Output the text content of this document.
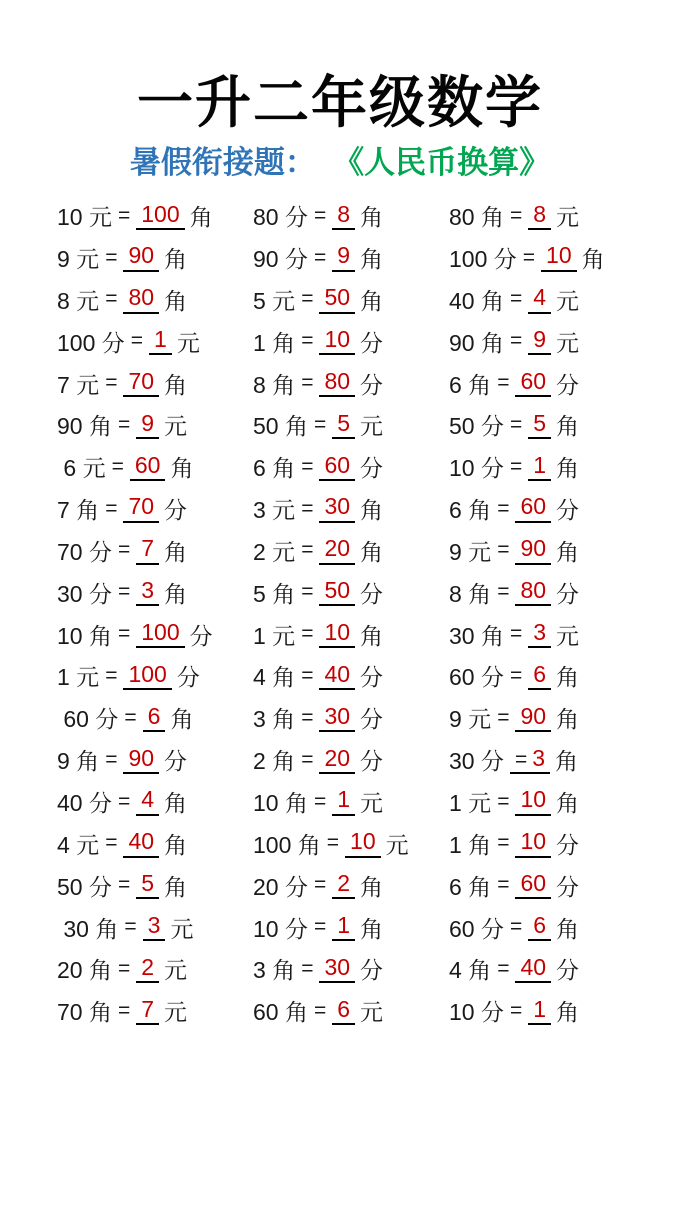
一升二年级数学
暑假衔接题： 《人民币换算》
10 元 = 100 角
9 元 = 90 角
8 元 = 80 角
100 分 = 1 元
7 元 = 70 角
90 角 = 9 元
6 元 = 60 角
7 角 = 70 分
70 分 = 7 角
30 分 = 3 角
10 角 = 100 分
1 元 = 100 分
60 分 = 6 角
9 角 = 90 分
40 分 = 4 角
4 元 = 40 角
50 分 = 5 角
30 角 = 3 元
20 角 = 2 元
70 角 = 7 元
80 分 = 8 角
90 分 = 9 角
5 元 = 50 角
1 角 = 10 分
8 角 = 80 分
50 角 = 5 元
6 角 = 60 分
3 元 = 30 角
2 元 = 20 角
5 角 = 50 分
1 元 = 10 角
4 角 = 40 分
3 角 = 30 分
2 角 = 20 分
10 角 = 1 元
100 角 = 10 元
20 分 = 2 角
10 分 = 1 角
3 角 = 30 分
60 角 = 6 元
80 角 = 8 元
100 分 = 10 角
40 角 = 4 元
90 角 = 9 元
6 角 = 60 分
50 分 = 5 角
10 分 = 1 角
6 角 = 60 分
9 元 = 90 角
8 角 = 80 分
30 角 = 3 元
60 分 = 6 角
9 元 = 90 角
30 分 = 3 角
1 元 = 10 角
1 角 = 10 分
6 角 = 60 分
60 分 = 6 角
4 角 = 40 分
10 分 = 1 角
